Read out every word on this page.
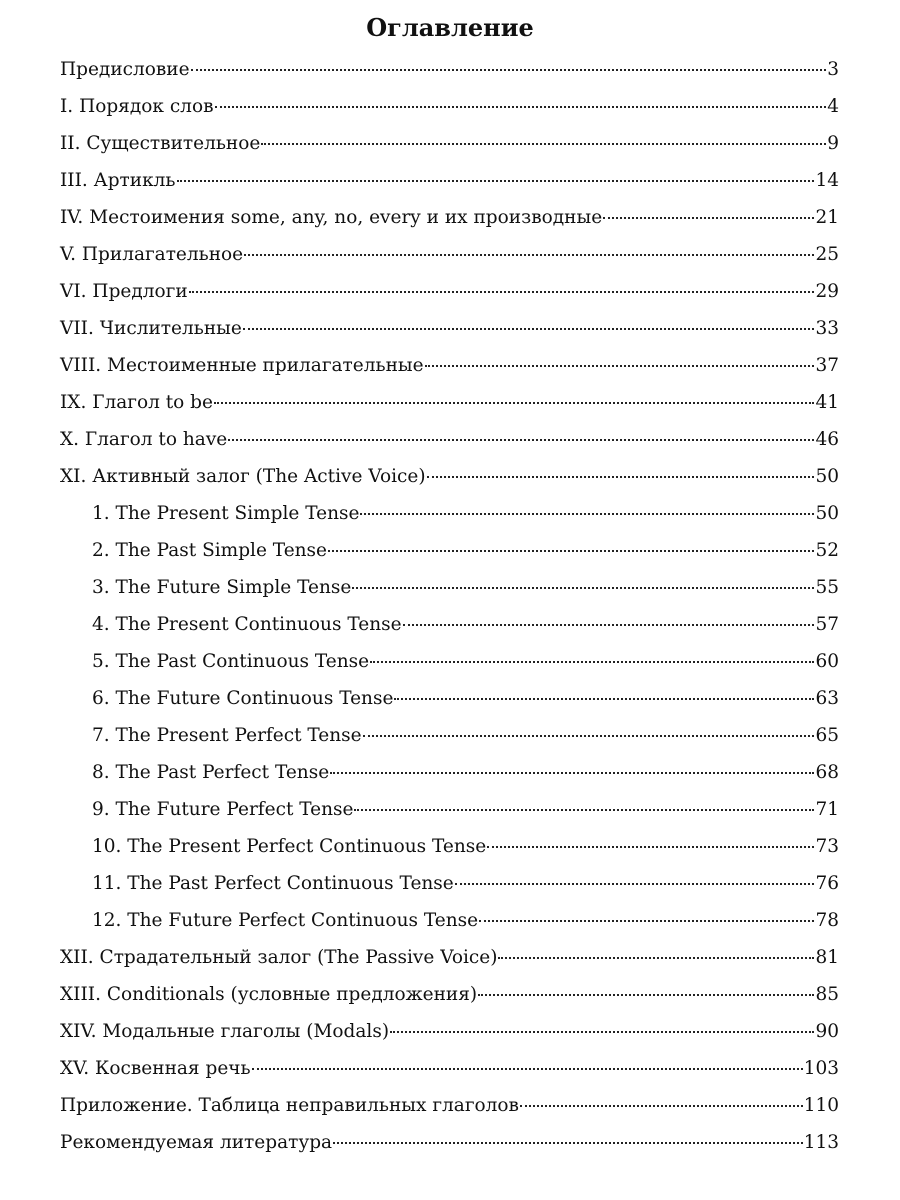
Оглавление
Предисловие	3
I. Порядок слов	4
II. Существительное	9
III. Артикль	14
IV. Местоимения some, any, no, every и их производные	21
V. Прилагательное	25
VI. Предлоги	29
VII. Числительные	33
VIII. Местоименные прилагательные	37
IX. Глагол to be	41
X. Глагол to have	46
XI. Активный залог (The Active Voice)	50
1. The Present Simple Tense	50
2. The Past Simple Tense	52
3. The Future Simple Tense	55
4. The Present Continuous Tense	57
5. The Past Continuous Tense	60
6. The Future Continuous Tense	63
7. The Present Perfect Tense	65
8. The Past Perfect Tense	68
9. The Future Perfect Tense	71
10. The Present Perfect Continuous Tense	73
11. The Past Perfect Continuous Tense	76
12. The Future Perfect Continuous Tense	78
XII. Страдательный залог (The Passive Voice)	81
XIII. Conditionals (условные предложения)	85
XIV. Модальные глаголы (Modals)	90
XV. Косвенная речь	103
Приложение. Таблица неправильных глаголов	110
Рекомендуемая литература	113
